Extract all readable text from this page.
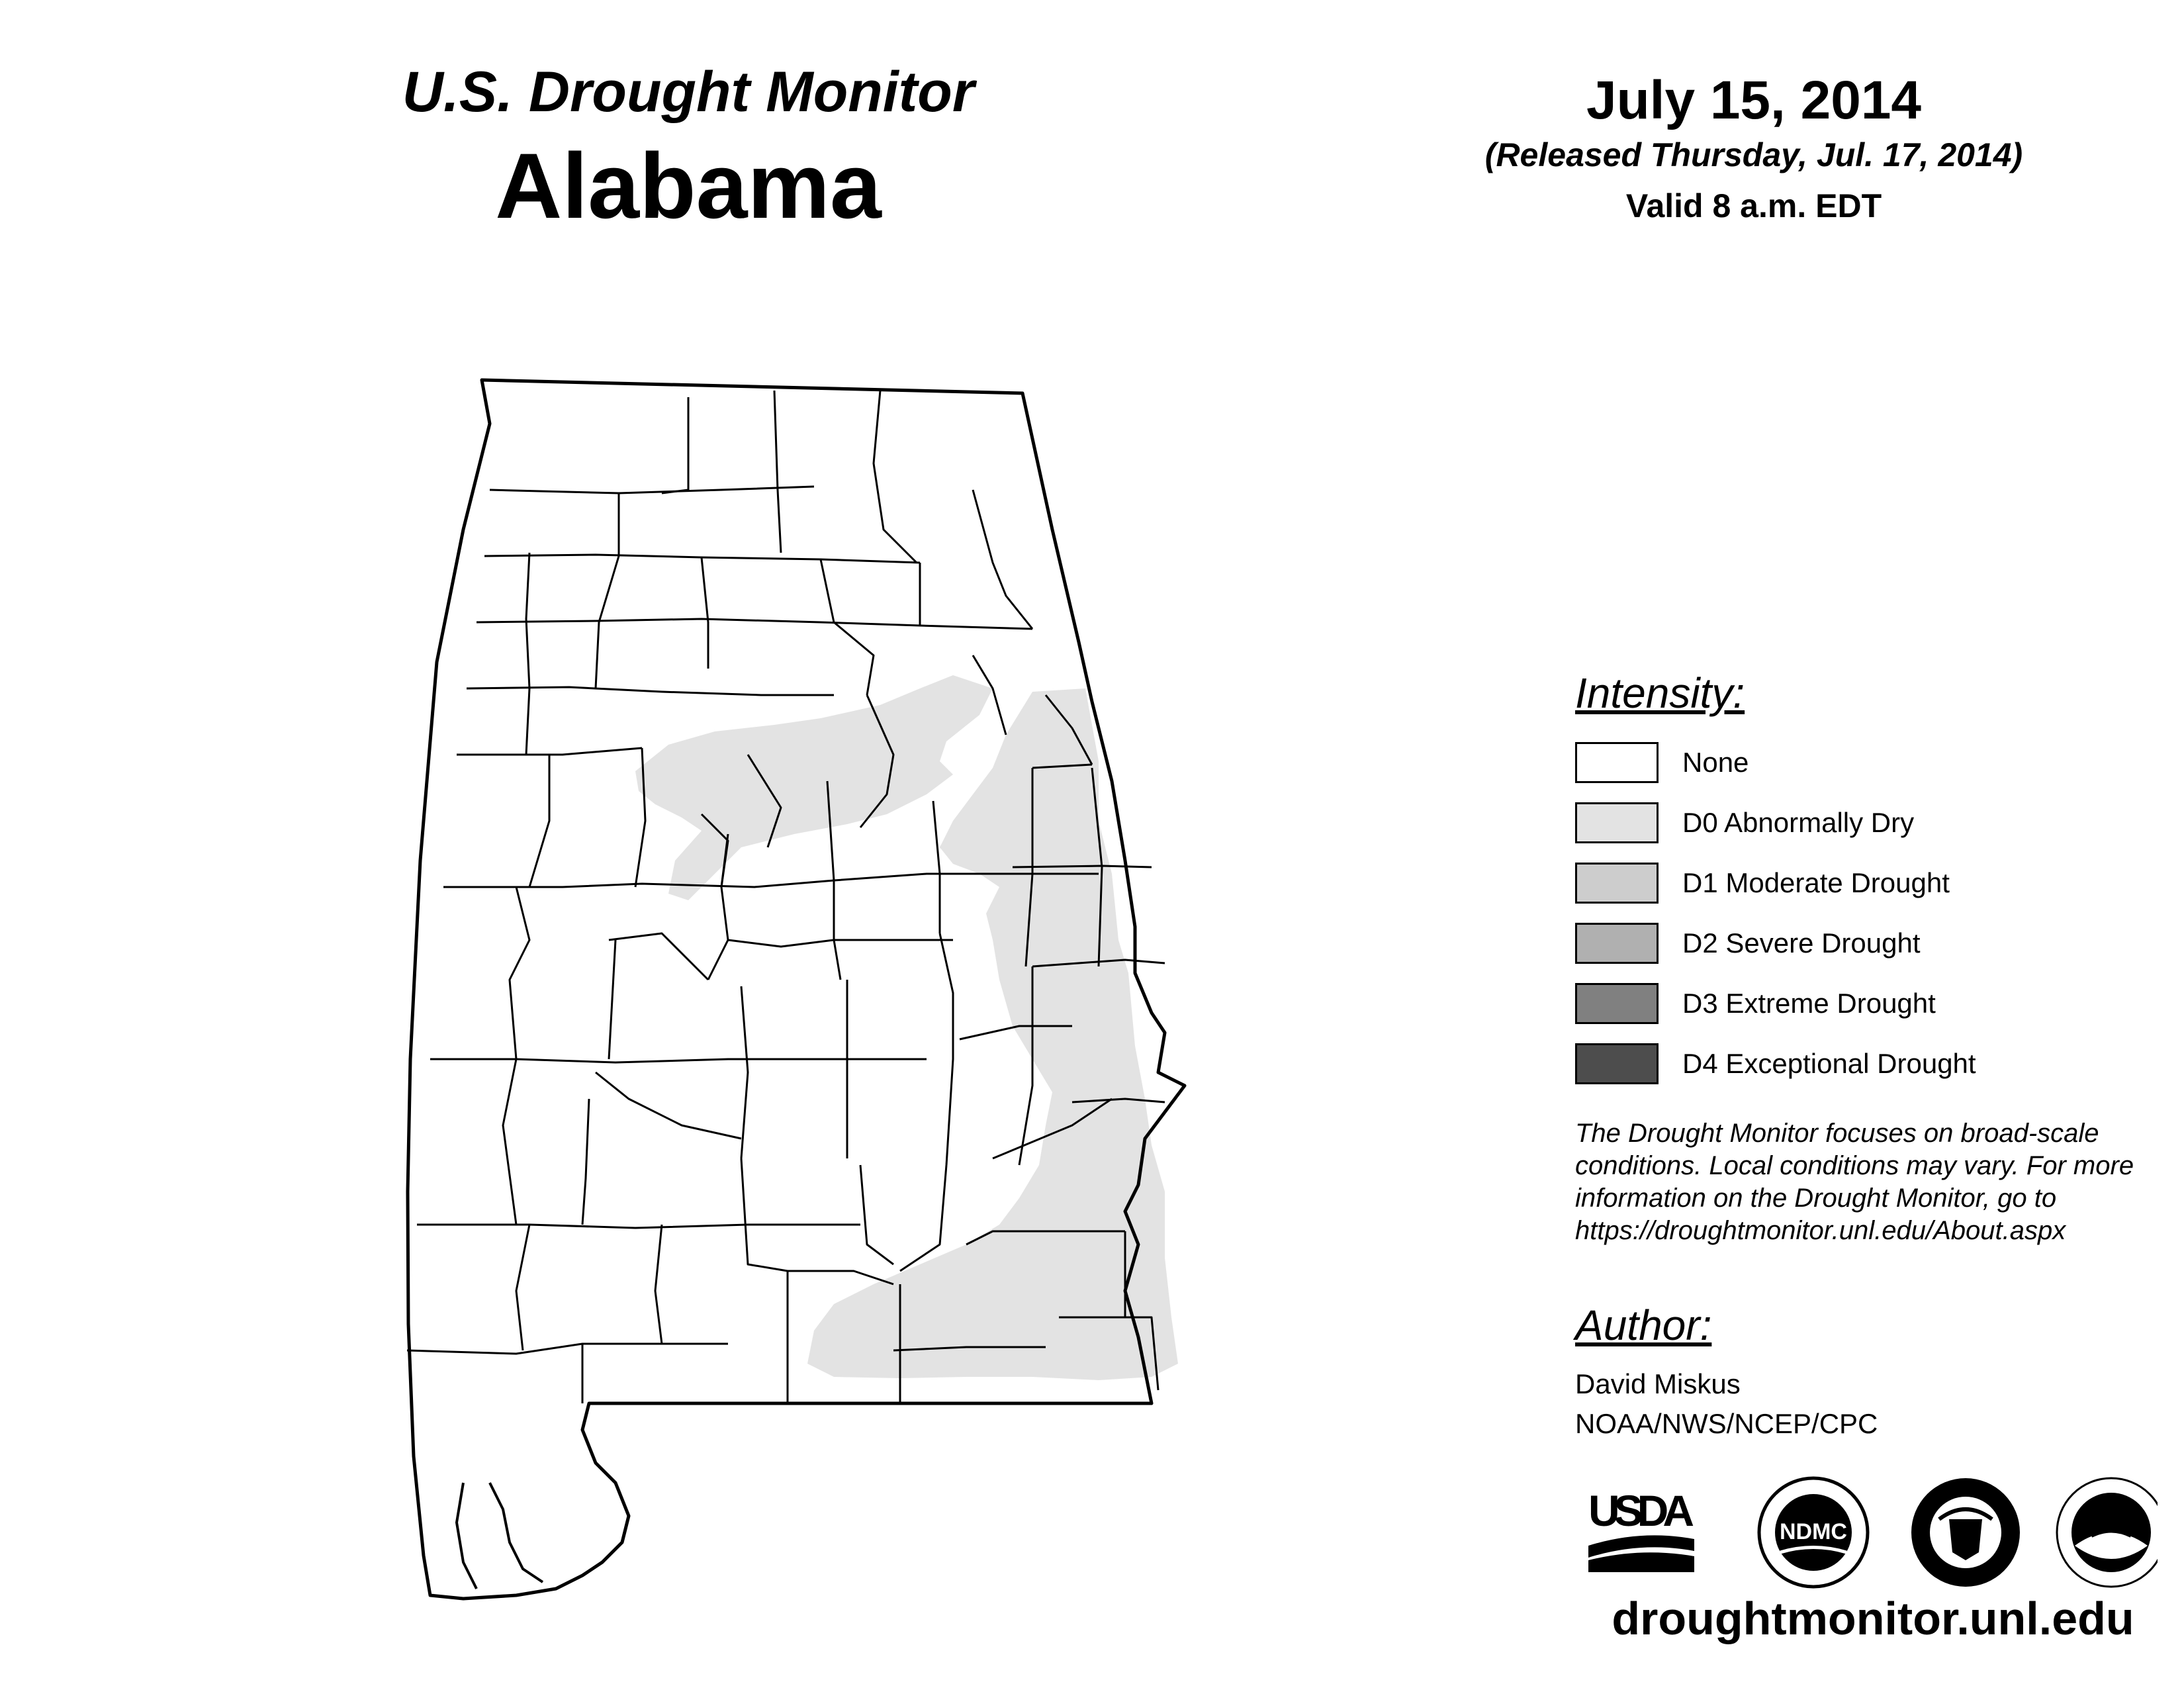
U.S. Drought Monitor
Alabama
July 15, 2014
(Released Thursday, Jul. 17, 2014)
Valid 8 a.m. EDT
Intensity:
None
D0 Abnormally Dry
D1 Moderate Drought
D2 Severe Drought
D3 Extreme Drought
D4 Exceptional Drought
The Drought Monitor focuses on broad-scale conditions. Local conditions may vary. For more information on the Drought Monitor, go to https://droughtmonitor.unl.edu/About.aspx
Author:
David Miskus
NOAA/NWS/NCEP/CPC
USDA	NDMC
droughtmonitor.unl.edu
